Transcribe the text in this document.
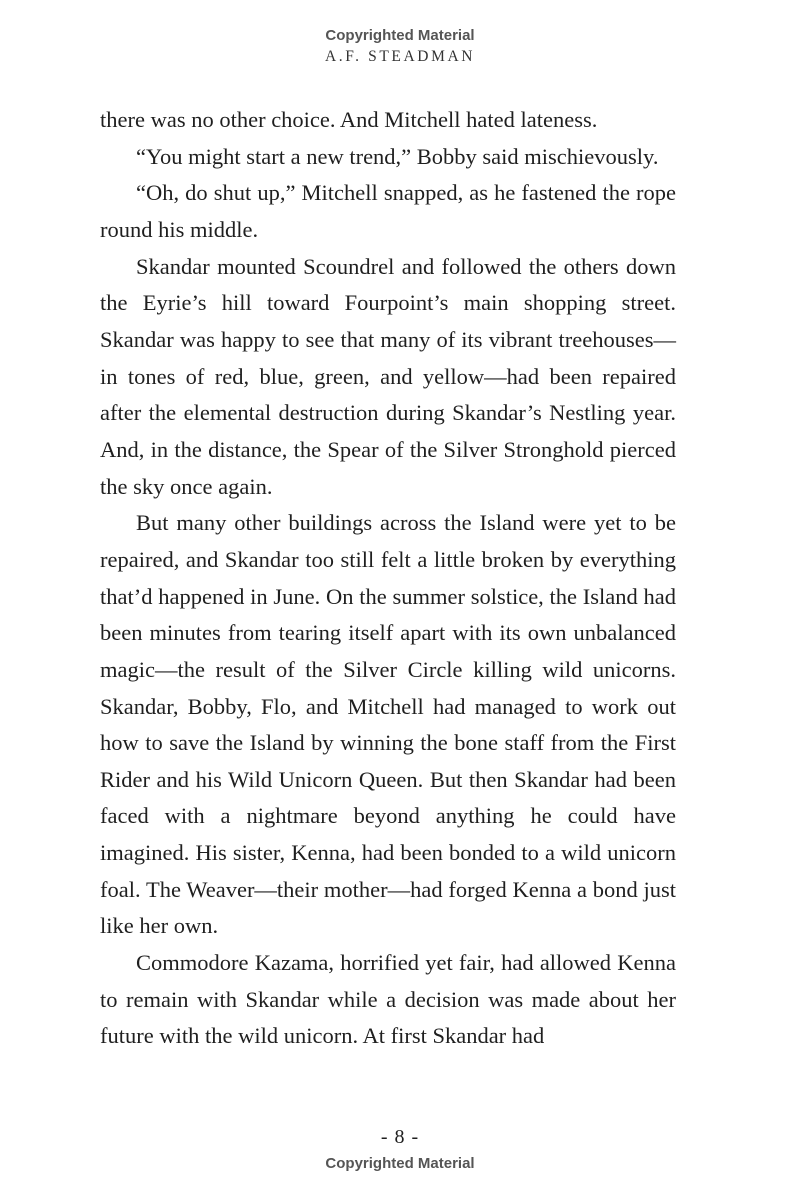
Copyrighted Material
A.F. STEADMAN

there was no other choice. And Mitchell hated lateness.

“You might start a new trend,” Bobby said mischievously.

“Oh, do shut up,” Mitchell snapped, as he fastened the rope round his middle.

Skandar mounted Scoundrel and followed the others down the Eyrie’s hill toward Fourpoint’s main shopping street. Skandar was happy to see that many of its vibrant treehouses—in tones of red, blue, green, and yellow—had been repaired after the elemental destruction during Skandar’s Nestling year. And, in the distance, the Spear of the Silver Stronghold pierced the sky once again.

But many other buildings across the Island were yet to be repaired, and Skandar too still felt a little broken by everything that’d happened in June. On the summer solstice, the Island had been minutes from tearing itself apart with its own unbalanced magic—the result of the Silver Circle killing wild unicorns. Skandar, Bobby, Flo, and Mitchell had managed to work out how to save the Island by winning the bone staff from the First Rider and his Wild Unicorn Queen. But then Skandar had been faced with a nightmare beyond anything he could have imagined. His sister, Kenna, had been bonded to a wild unicorn foal. The Weaver—their mother—had forged Kenna a bond just like her own.

Commodore Kazama, horrified yet fair, had allowed Kenna to remain with Skandar while a decision was made about her future with the wild unicorn. At first Skandar had

- 8 -
Copyrighted Material
